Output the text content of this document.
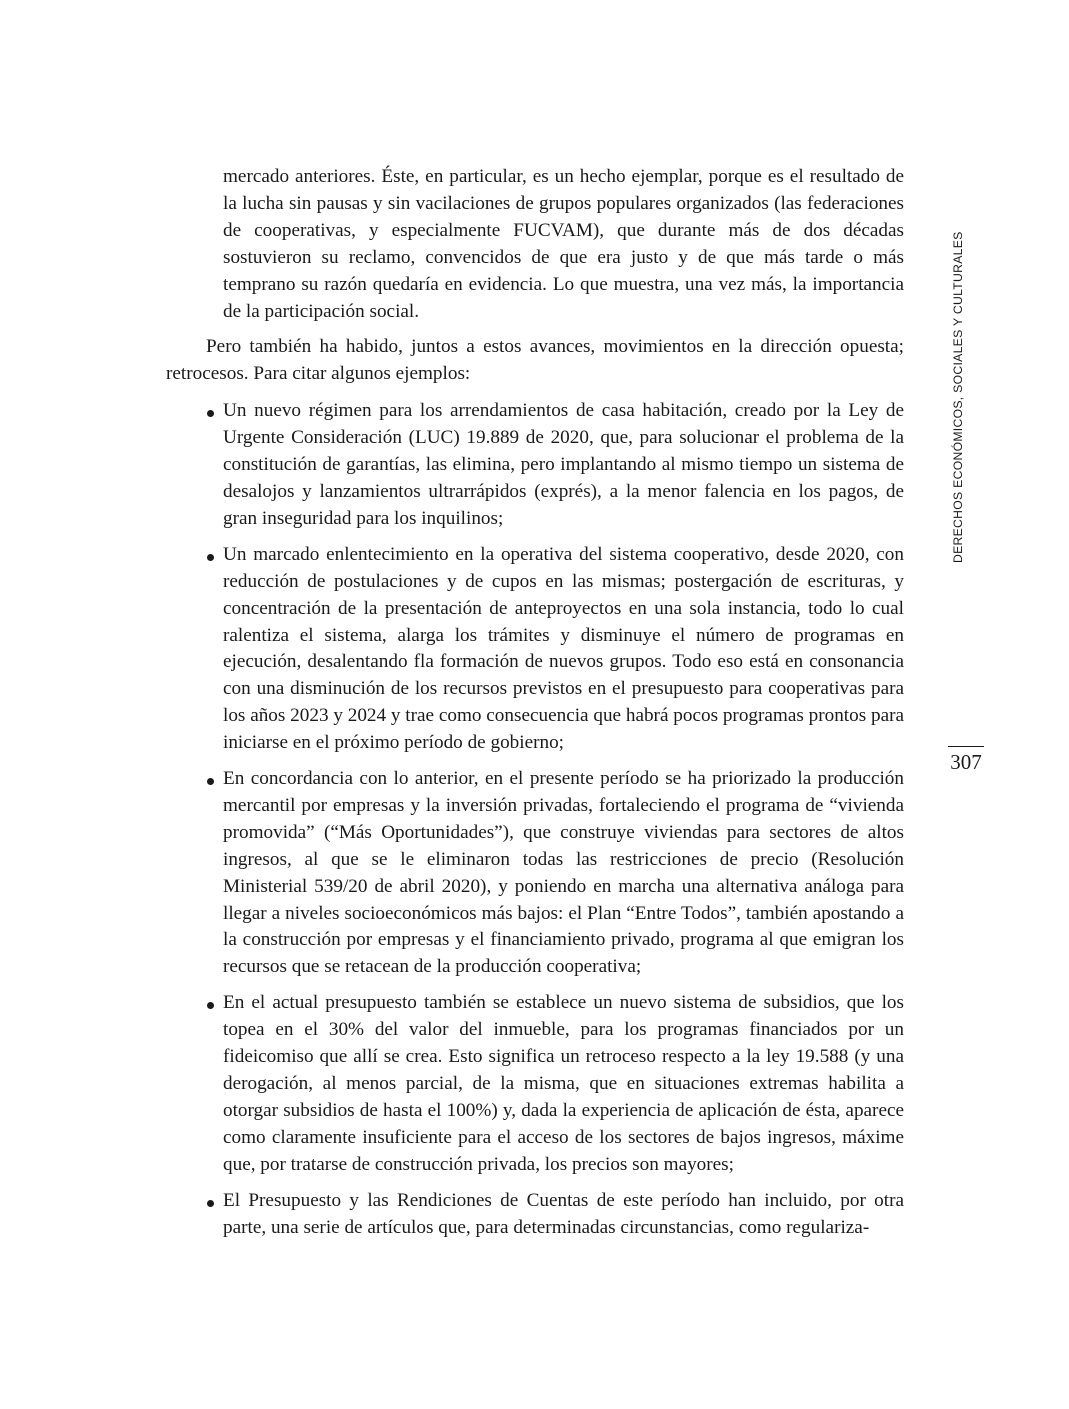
DERECHOS ECONÓMICOS, SOCIALES Y CULTURALES
307

mercado anteriores. Éste, en particular, es un hecho ejemplar, porque es el resultado de la lucha sin pausas y sin vacilaciones de grupos populares organizados (las federaciones de cooperativas, y especialmente FUCVAM), que durante más de dos décadas sostuvieron su reclamo, convencidos de que era justo y de que más tarde o más temprano su razón quedaría en evidencia. Lo que muestra, una vez más, la importancia de la participación social.

Pero también ha habido, juntos a estos avances, movimientos en la dirección opuesta; retrocesos. Para citar algunos ejemplos:

Un nuevo régimen para los arrendamientos de casa habitación, creado por la Ley de Urgente Consideración (LUC) 19.889 de 2020, que, para solucionar el problema de la constitución de garantías, las elimina, pero implantando al mismo tiempo un sistema de desalojos y lanzamientos ultrarrápidos (exprés), a la menor falencia en los pagos, de gran inseguridad para los inquilinos;
Un marcado enlentecimiento en la operativa del sistema cooperativo, desde 2020, con reducción de postulaciones y de cupos en las mismas; postergación de escrituras, y concentración de la presentación de anteproyectos en una sola instancia, todo lo cual ralentiza el sistema, alarga los trámites y disminuye el número de programas en ejecución, desalentando fla formación de nuevos grupos. Todo eso está en consonancia con una disminución de los recursos previstos en el presupuesto para cooperativas para los años 2023 y 2024 y trae como consecuencia que habrá pocos programas prontos para iniciarse en el próximo período de gobierno;
En concordancia con lo anterior, en el presente período se ha priorizado la producción mercantil por empresas y la inversión privadas, fortaleciendo el programa de “vivienda promovida” (“Más Oportunidades”), que construye viviendas para sectores de altos ingresos, al que se le eliminaron todas las restricciones de precio (Resolución Ministerial 539/20 de abril 2020), y poniendo en marcha una alternativa análoga para llegar a niveles socioeconómicos más bajos: el Plan “Entre Todos”, también apostando a la construcción por empresas y el financiamiento privado, programa al que emigran los recursos que se retacean de la producción cooperativa;
En el actual presupuesto también se establece un nuevo sistema de subsidios, que los topea en el 30% del valor del inmueble, para los programas financiados por un fideicomiso que allí se crea. Esto significa un retroceso respecto a la ley 19.588 (y una derogación, al menos parcial, de la misma, que en situaciones extremas habilita a otorgar subsidios de hasta el 100%) y, dada la experiencia de aplicación de ésta, aparece como claramente insuficiente para el acceso de los sectores de bajos ingresos, máxime que, por tratarse de construcción privada, los precios son mayores;
El Presupuesto y las Rendiciones de Cuentas de este período han incluido, por otra parte, una serie de artículos que, para determinadas circunstancias, como regulariza-
